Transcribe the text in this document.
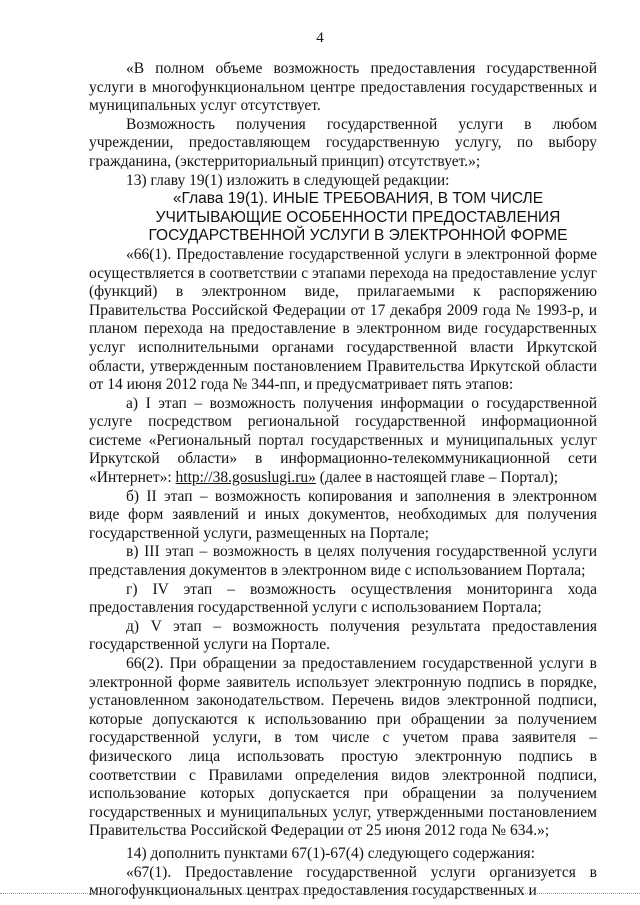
4

«В полном объеме возможность предоставления государственной услуги в многофункциональном центре предоставления государственных и муниципальных услуг отсутствует.

Возможность получения государственной услуги в любом учреждении, предоставляющем государственную услугу, по выбору гражданина, (экстерриториальный принцип) отсутствует.»;

13) главу 19(1) изложить в следующей редакции:

«Глава 19(1). ИНЫЕ ТРЕБОВАНИЯ, В ТОМ ЧИСЛЕ УЧИТЫВАЮЩИЕ ОСОБЕННОСТИ ПРЕДОСТАВЛЕНИЯ ГОСУДАРСТВЕННОЙ УСЛУГИ В ЭЛЕКТРОННОЙ ФОРМЕ

«66(1). Предоставление государственной услуги в электронной форме осуществляется в соответствии с этапами перехода на предоставление услуг (функций) в электронном виде, прилагаемыми к распоряжению Правительства Российской Федерации от 17 декабря 2009 года № 1993-р, и планом перехода на предоставление в электронном виде государственных услуг исполнительными органами государственной власти Иркутской области, утвержденным постановлением Правительства Иркутской области от 14 июня 2012 года № 344-пп, и предусматривает пять этапов:

а) I этап – возможность получения информации о государственной услуге посредством региональной государственной информационной системе «Региональный портал государственных и муниципальных услуг Иркутской области» в информационно-телекоммуникационной сети «Интернет»: http://38.gosuslugi.ru» (далее в настоящей главе – Портал);

б) II этап – возможность копирования и заполнения в электронном виде форм заявлений и иных документов, необходимых для получения государственной услуги, размещенных на Портале;

в) III этап – возможность в целях получения государственной услуги представления документов в электронном виде с использованием Портала;

г) IV этап – возможность осуществления мониторинга хода предоставления государственной услуги с использованием Портала;

д) V этап – возможность получения результата предоставления государственной услуги на Портале.

66(2). При обращении за предоставлением государственной услуги в электронной форме заявитель использует электронную подпись в порядке, установленном законодательством. Перечень видов электронной подписи, которые допускаются к использованию при обращении за получением государственной услуги, в том числе с учетом права заявителя – физического лица использовать простую электронную подпись в соответствии с Правилами определения видов электронной подписи, использование которых допускается при обращении за получением государственных и муниципальных услуг, утвержденными постановлением Правительства Российской Федерации от 25 июня 2012 года № 634.»;

14) дополнить пунктами 67(1)-67(4) следующего содержания:

«67(1). Предоставление государственной услуги организуется в многофункциональных центрах предоставления государственных и
